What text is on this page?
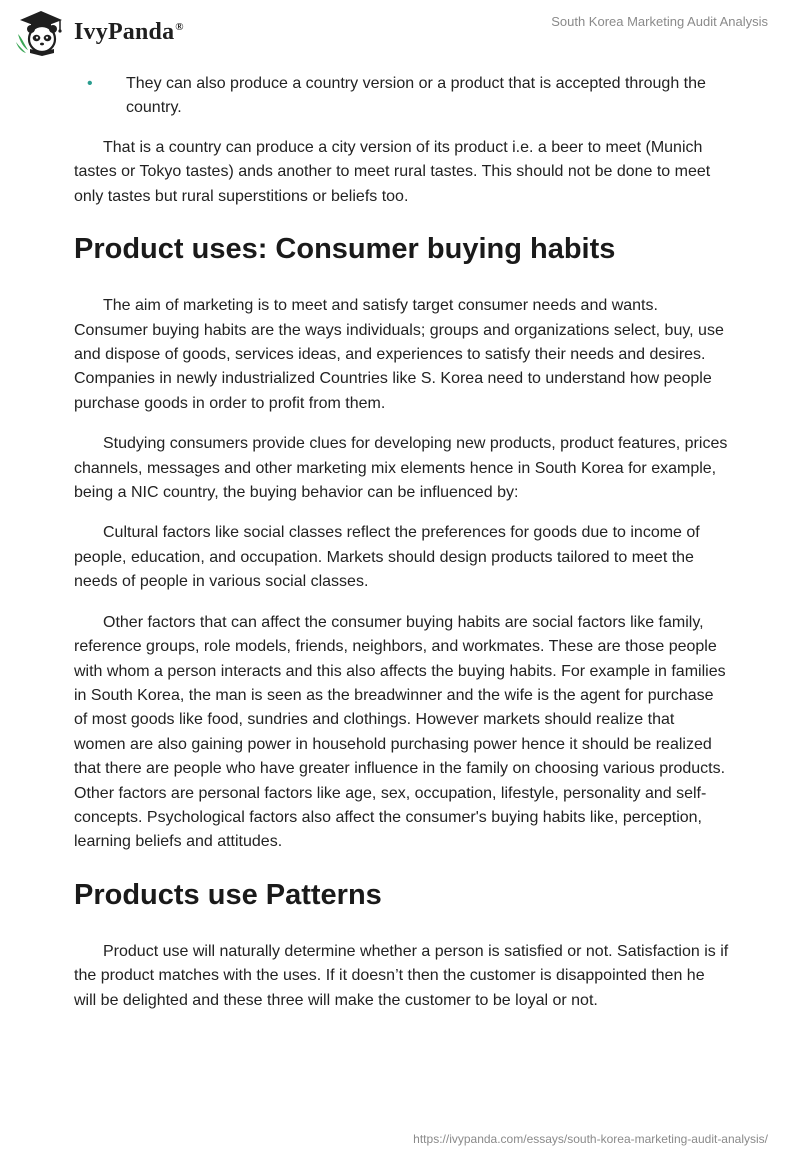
IvyPanda®	South Korea Marketing Audit Analysis
• They can also produce a country version or a product that is accepted through the country.

That is a country can produce a city version of its product i.e. a beer to meet (Munich tastes or Tokyo tastes) ands another to meet rural tastes. This should not be done to meet only tastes but rural superstitions or beliefs too.

Product uses: Consumer buying habits

The aim of marketing is to meet and satisfy target consumer needs and wants. Consumer buying habits are the ways individuals; groups and organizations select, buy, use and dispose of goods, services ideas, and experiences to satisfy their needs and desires. Companies in newly industrialized Countries like S. Korea need to understand how people purchase goods in order to profit from them.

Studying consumers provide clues for developing new products, product features, prices channels, messages and other marketing mix elements hence in South Korea for example, being a NIC country, the buying behavior can be influenced by:

Cultural factors like social classes reflect the preferences for goods due to income of people, education, and occupation. Markets should design products tailored to meet the needs of people in various social classes.

Other factors that can affect the consumer buying habits are social factors like family, reference groups, role models, friends, neighbors, and workmates. These are those people with whom a person interacts and this also affects the buying habits. For example in families in South Korea, the man is seen as the breadwinner and the wife is the agent for purchase of most goods like food, sundries and clothings. However markets should realize that women are also gaining power in household purchasing power hence it should be realized that there are people who have greater influence in the family on choosing various products. Other factors are personal factors like age, sex, occupation, lifestyle, personality and self-concepts. Psychological factors also affect the consumer's buying habits like, perception, learning beliefs and attitudes.

Products use Patterns

Product use will naturally determine whether a person is satisfied or not. Satisfaction is if the product matches with the uses. If it doesn’t then the customer is disappointed then he will be delighted and these three will make the customer to be loyal or not.

https://ivypanda.com/essays/south-korea-marketing-audit-analysis/
